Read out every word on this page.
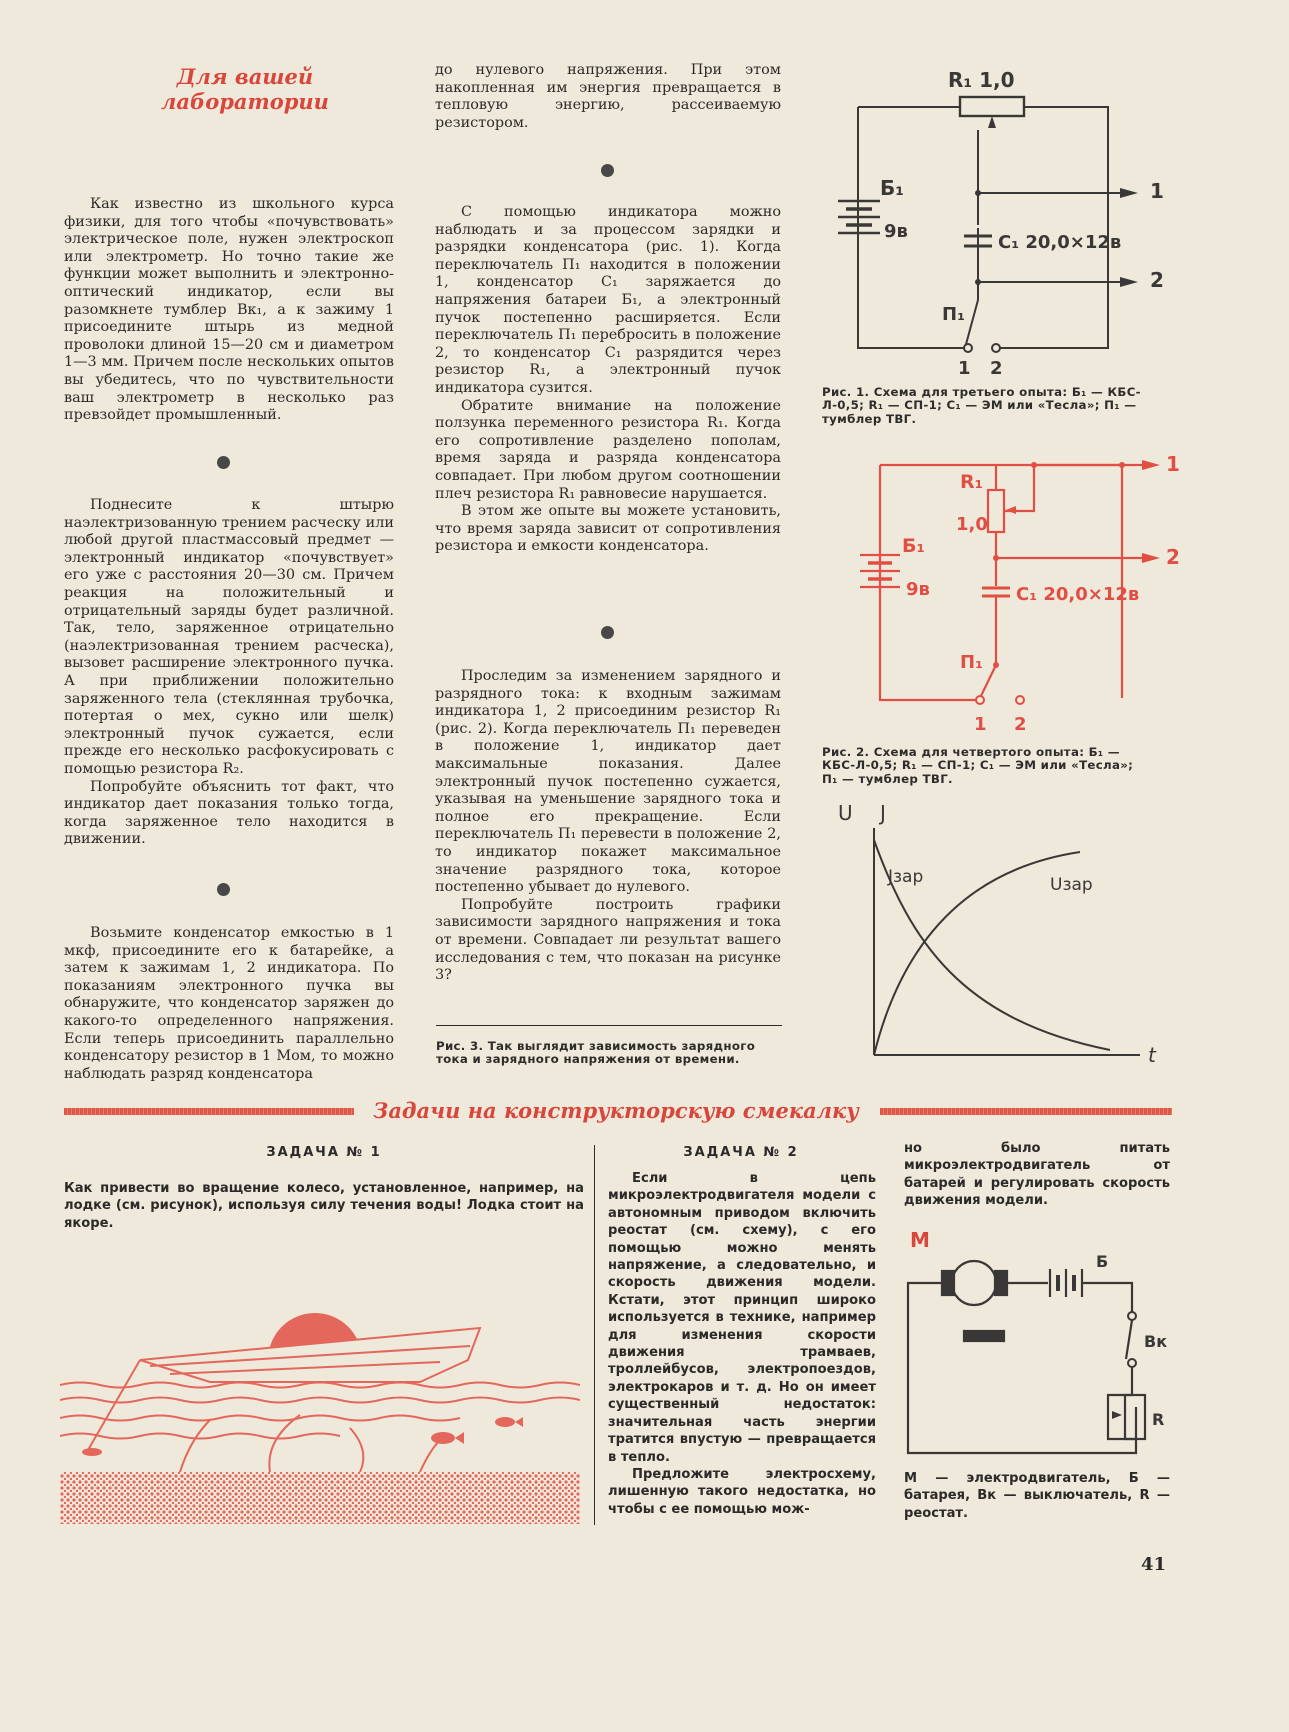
Для вашей лаборатории

Как известно из школьного курса физики, для того чтобы «почувствовать» электрическое поле, нужен электроскоп или электрометр. Но точно такие же функции может выполнить и электронно-оптический индикатор, если вы разомкнете тумблер Вк₁, а к зажиму 1 присоедините штырь из медной проволоки длиной 15—20 см и диаметром 1—3 мм. Причем после нескольких опытов вы убедитесь, что по чувствительности ваш электрометр в несколько раз превзойдет промышленный.

Поднесите к штырю наэлектризованную трением расческу или любой другой пластмассовый предмет — электронный индикатор «почувствует» его уже с расстояния 20—30 см. Причем реакция на положительный и отрицательный заряды будет различной. Так, тело, заряженное отрицательно (наэлектризованная трением расческа), вызовет расширение электронного пучка. А при приближении положительно заряженного тела (стеклянная трубочка, потертая о мех, сукно или шелк) электронный пучок сужается, если прежде его несколько расфокусировать с помощью резистора R₂.

Попробуйте объяснить тот факт, что индикатор дает показания только тогда, когда заряженное тело находится в движении.

Возьмите конденсатор емкостью в 1 мкф, присоедините его к батарейке, а затем к зажимам 1, 2 индикатора. По показаниям электронного пучка вы обнаружите, что конденсатор заряжен до какого-то определенного напряжения. Если теперь присоединить параллельно конденсатору резистор в 1 Мом, то можно наблюдать разряд конденсатора

до нулевого напряжения. При этом накопленная им энергия превращается в тепловую энергию, рассеиваемую резистором.

С помощью индикатора можно наблюдать и за процессом зарядки и разрядки конденсатора (рис. 1). Когда переключатель П₁ находится в положении 1, конденсатор С₁ заряжается до напряжения батареи Б₁, а электронный пучок постепенно расширяется. Если переключатель П₁ перебросить в положение 2, то конденсатор С₁ разрядится через резистор R₁, а электронный пучок индикатора сузится.

Обратите внимание на положение ползунка переменного резистора R₁. Когда его сопротивление разделено пополам, время заряда и разряда конденсатора совпадает. При любом другом соотношении плеч резистора R₁ равновесие нарушается.

В этом же опыте вы можете установить, что время заряда зависит от сопротивления резистора и емкости конденсатора.

Проследим за изменением зарядного и разрядного тока: к входным зажимам индикатора 1, 2 присоединим резистор R₁ (рис. 2). Когда переключатель П₁ переведен в положение 1, индикатор дает максимальные показания. Далее электронный пучок постепенно сужается, указывая на уменьшение зарядного тока и полное его прекращение. Если переключатель П₁ перевести в положение 2, то индикатор покажет максимальное значение разрядного тока, которое постепенно убывает до нулевого.

Попробуйте построить графики зависимости зарядного напряжения и тока от времени. Совпадает ли результат вашего исследования с тем, что показан на рисунке 3?

Рис. 3. Так выглядит зависимость зарядного тока и зарядного напряжения от времени.
R₁ 1,0
Б₁
9в
С₁ 20,0×12в
П₁
1
2
1 2
Рис. 1. Схема для третьего опыта: Б₁ — КБС-Л-0,5; R₁ — СП-1; С₁ — ЭМ или «Тесла»; П₁ — тумблер ТВГ.
R₁
1,0
Б₁
9в	С₁ 20,0×12в
П₁
1
2
1 2
Рис. 2. Схема для четвертого опыта: Б₁ — КБС-Л-0,5; R₁ — СП-1; С₁ — ЭМ или «Тесла»; П₁ — тумблер ТВГ.
U J
t
Jзар	Uзар
Задачи на конструкторскую смекалку
ЗАДАЧА № 1
Как привести во вращение колесо, установленное, например, на лодке (см. рисунок), используя силу течения воды! Лодка стоит на якоре.
ЗАДАЧА № 2

Если в цепь микроэлектродвигателя модели с автономным приводом включить реостат (см. схему), с его помощью можно менять напряжение, а следовательно, и скорость движения модели. Кстати, этот принцип широко используется в технике, например для изменения скорости движения трамваев, троллейбусов, электропоездов, электрокаров и т. д. Но он имеет существенный недостаток: значительная часть энергии тратится впустую — превращается в тепло.

Предложите электросхему, лишенную такого недостатка, но чтобы с ее помощью мож-

но было питать микроэлектродвигатель от батарей и регулировать скорость движения модели.

М
Б
Вк
R
М — электродвигатель, Б — батарея, Вк — выключатель, R — реостат.
41
